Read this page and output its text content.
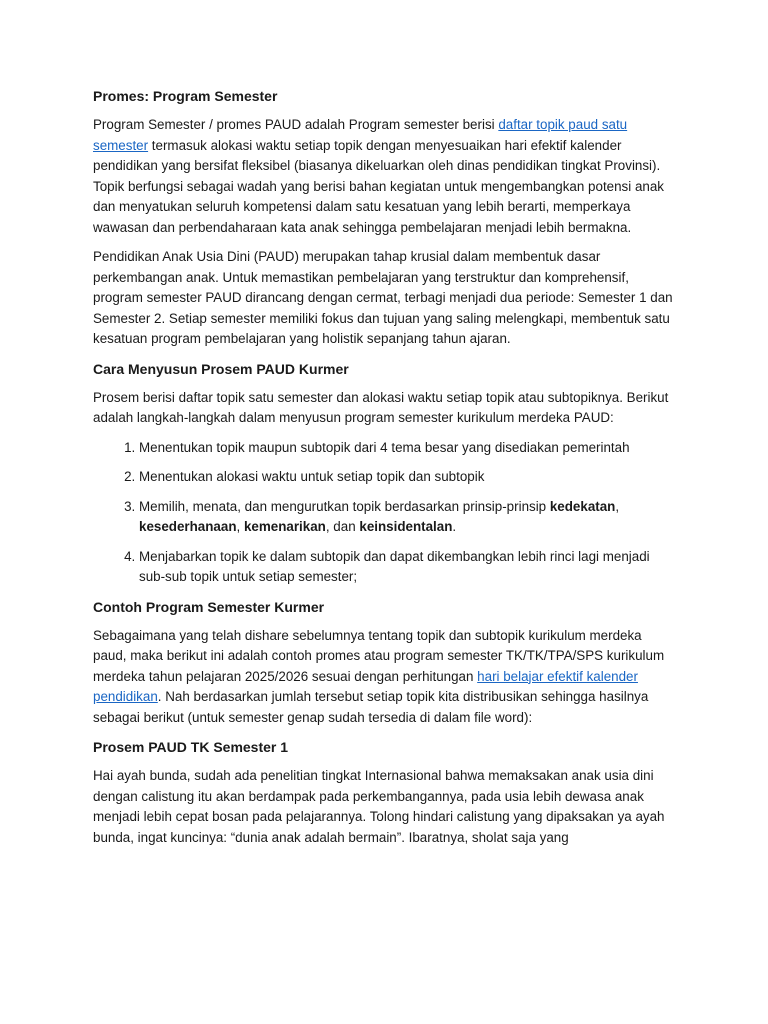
Promes: Program Semester

Program Semester / promes PAUD adalah Program semester berisi daftar topik paud satu semester termasuk alokasi waktu setiap topik dengan menyesuaikan hari efektif kalender pendidikan yang bersifat fleksibel (biasanya dikeluarkan oleh dinas pendidikan tingkat Provinsi). Topik berfungsi sebagai wadah yang berisi bahan kegiatan untuk mengembangkan potensi anak dan menyatukan seluruh kompetensi dalam satu kesatuan yang lebih berarti, memperkaya wawasan dan perbendaharaan kata anak sehingga pembelajaran menjadi lebih bermakna.

Pendidikan Anak Usia Dini (PAUD) merupakan tahap krusial dalam membentuk dasar perkembangan anak. Untuk memastikan pembelajaran yang terstruktur dan komprehensif, program semester PAUD dirancang dengan cermat, terbagi menjadi dua periode: Semester 1 dan Semester 2. Setiap semester memiliki fokus dan tujuan yang saling melengkapi, membentuk satu kesatuan program pembelajaran yang holistik sepanjang tahun ajaran.

Cara Menyusun Prosem PAUD Kurmer

Prosem berisi daftar topik satu semester dan alokasi waktu setiap topik atau subtopiknya. Berikut adalah langkah-langkah dalam menyusun program semester kurikulum merdeka PAUD:

1. Menentukan topik maupun subtopik dari 4 tema besar yang disediakan pemerintah
2. Menentukan alokasi waktu untuk setiap topik dan subtopik
3. Memilih, menata, dan mengurutkan topik berdasarkan prinsip-prinsip kedekatan, kesederhanaan, kemenarikan, dan keinsidentalan.
4. Menjabarkan topik ke dalam subtopik dan dapat dikembangkan lebih rinci lagi menjadi sub-sub topik untuk setiap semester;
Contoh Program Semester Kurmer

Sebagaimana yang telah dishare sebelumnya tentang topik dan subtopik kurikulum merdeka paud, maka berikut ini adalah contoh promes atau program semester TK/TK/TPA/SPS kurikulum merdeka tahun pelajaran 2025/2026 sesuai dengan perhitungan hari belajar efektif kalender pendidikan. Nah berdasarkan jumlah tersebut setiap topik kita distribusikan sehingga hasilnya sebagai berikut (untuk semester genap sudah tersedia di dalam file word):

Prosem PAUD TK Semester 1

Hai ayah bunda, sudah ada penelitian tingkat Internasional bahwa memaksakan anak usia dini dengan calistung itu akan berdampak pada perkembangannya, pada usia lebih dewasa anak menjadi lebih cepat bosan pada pelajarannya. Tolong hindari calistung yang dipaksakan ya ayah bunda, ingat kuncinya: “dunia anak adalah bermain”. Ibaratnya, sholat saja yang
